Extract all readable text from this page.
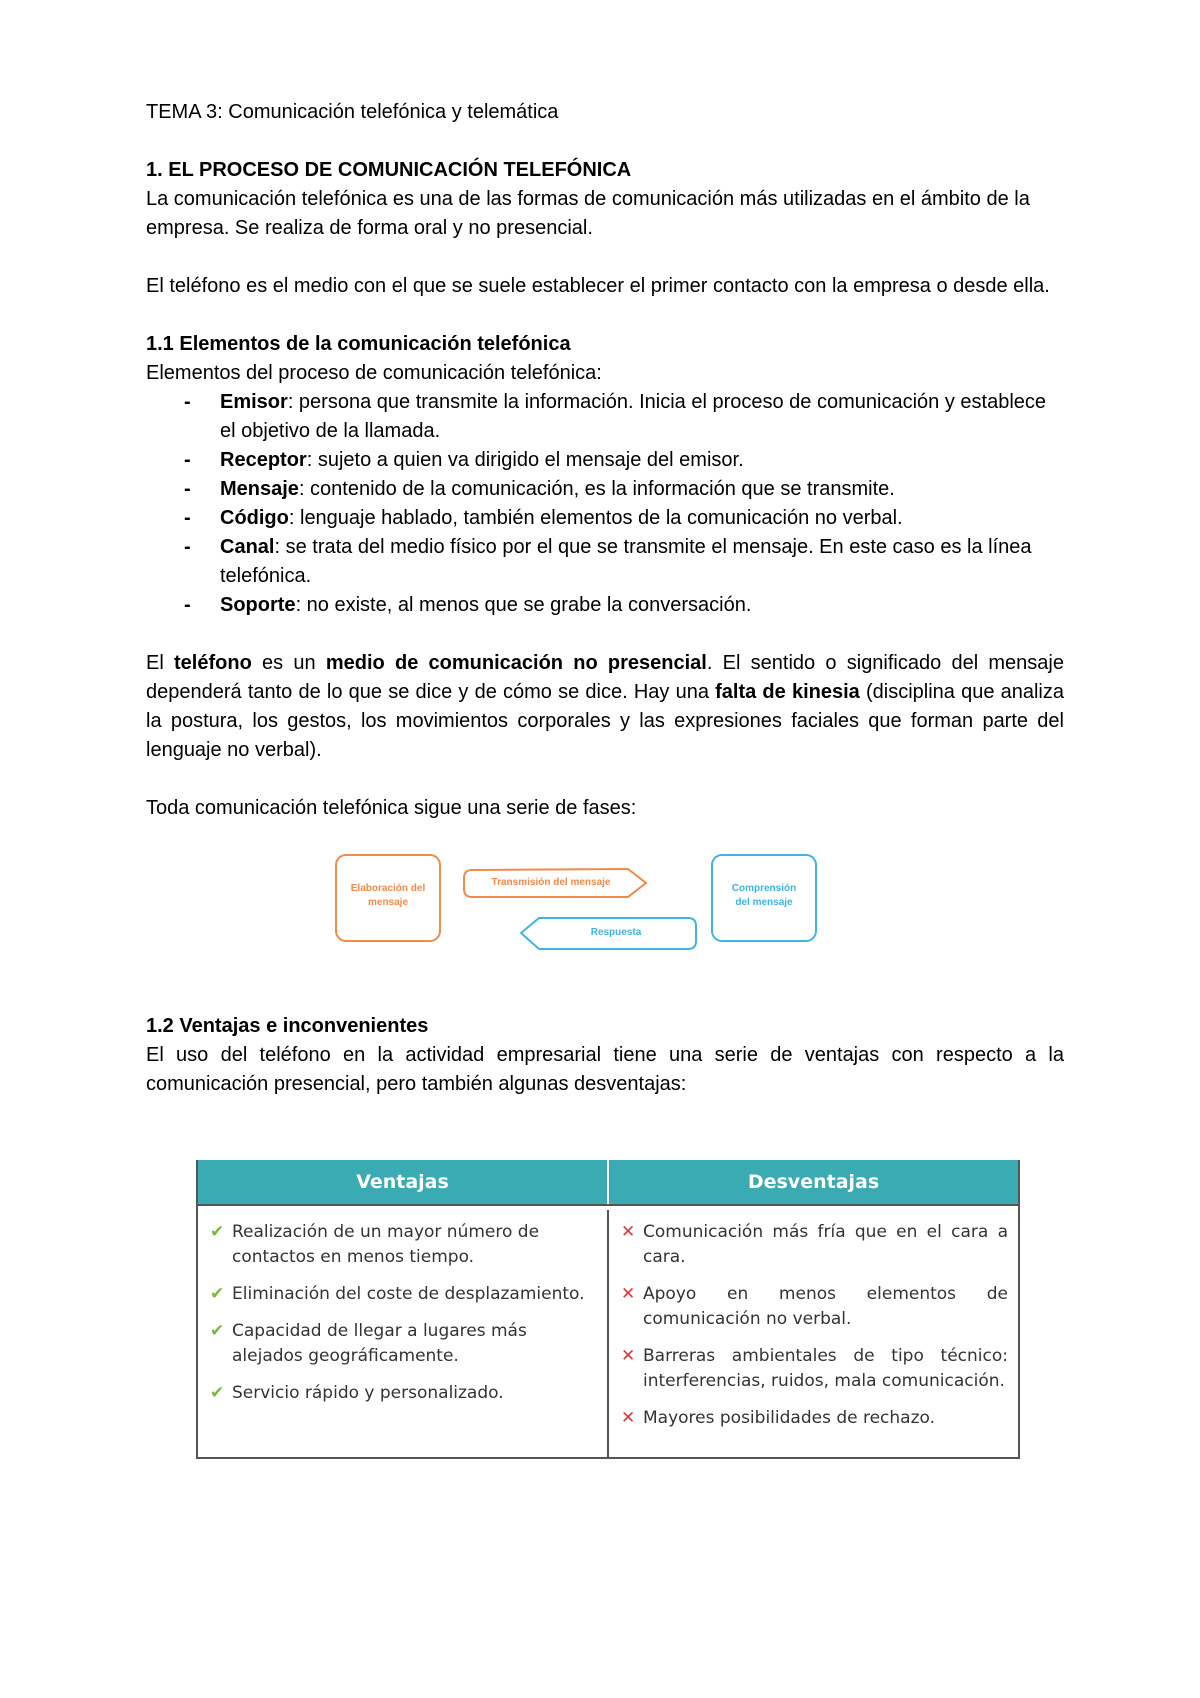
TEMA 3: Comunicación telefónica y telemática

1. EL PROCESO DE COMUNICACIÓN TELEFÓNICA

La comunicación telefónica es una de las formas de comunicación más utilizadas en el ámbito de la empresa. Se realiza de forma oral y no presencial.

El teléfono es el medio con el que se suele establecer el primer contacto con la empresa o desde ella.

1.1 Elementos de la comunicación telefónica

Elementos del proceso de comunicación telefónica:

- Emisor: persona que transmite la información. Inicia el proceso de comunicación y establece el objetivo de la llamada.
- Receptor: sujeto a quien va dirigido el mensaje del emisor.
- Mensaje: contenido de la comunicación, es la información que se transmite.
- Código: lenguaje hablado, también elementos de la comunicación no verbal.
- Canal: se trata del medio físico por el que se transmite el mensaje. En este caso es la línea telefónica.
- Soporte: no existe, al menos que se grabe la conversación.

El teléfono es un medio de comunicación no presencial. El sentido o significado del mensaje dependerá tanto de lo que se dice y de cómo se dice. Hay una falta de kinesia (disciplina que analiza la postura, los gestos, los movimientos corporales y las expresiones faciales que forman parte del lenguaje no verbal).

Toda comunicación telefónica sigue una serie de fases:

Elaboración del mensaje
Transmisión del mensaje
Respuesta
Comprensión del mensaje

1.2 Ventajas e inconvenientes

El uso del teléfono en la actividad empresarial tiene una serie de ventajas con respecto a la comunicación presencial, pero también algunas desventajas:

Ventajas	Desventajas
✔ Realización de un mayor número de contactos en menos tiempo.
✔ Eliminación del coste de desplazamiento.
✔ Capacidad de llegar a lugares más alejados geográficamente.
✔ Servicio rápido y personalizado.
✕ Comunicación más fría que en el cara a cara.
✕ Apoyo en menos elementos de comunicación no verbal.
✕ Barreras ambientales de tipo técnico: interferencias, ruidos, mala comunicación.
✕ Mayores posibilidades de rechazo.
